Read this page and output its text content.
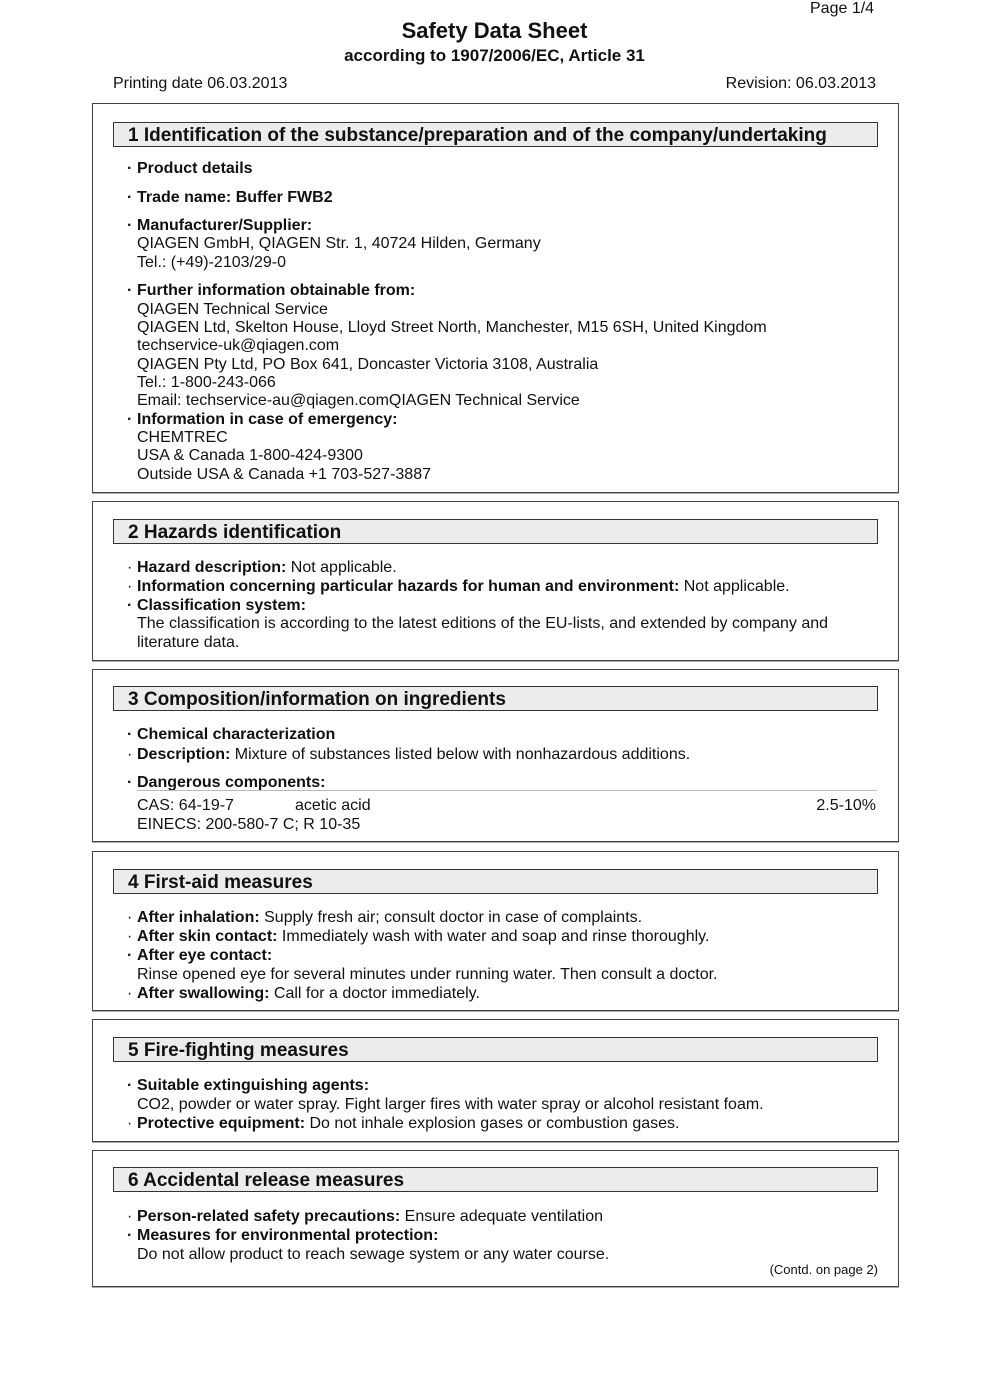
Page 1/4
Safety Data Sheet
according to 1907/2006/EC, Article 31
Printing date 06.03.2013	Revision: 06.03.2013
1 Identification of the substance/preparation and of the company/undertaking
· Product details
· Trade name: Buffer FWB2
· Manufacturer/Supplier:
QIAGEN GmbH, QIAGEN Str. 1, 40724 Hilden, Germany
Tel.: (+49)-2103/29-0
· Further information obtainable from:
QIAGEN Technical Service
QIAGEN Ltd, Skelton House, Lloyd Street North, Manchester, M15 6SH, United Kingdom
techservice-uk@qiagen.com
QIAGEN Pty Ltd, PO Box 641, Doncaster Victoria 3108, Australia
Tel.: 1-800-243-066
Email: techservice-au@qiagen.comQIAGEN Technical Service
· Information in case of emergency:
CHEMTREC
USA & Canada 1-800-424-9300
Outside USA & Canada +1 703-527-3887
2 Hazards identification
· Hazard description: Not applicable.
· Information concerning particular hazards for human and environment: Not applicable.
· Classification system:
The classification is according to the latest editions of the EU-lists, and extended by company and
literature data.
3 Composition/information on ingredients
· Chemical characterization
· Description: Mixture of substances listed below with nonhazardous additions.
· Dangerous components:
CAS: 64-19-7	acetic acid	2.5-10%
EINECS: 200-580-7 C; R 10-35
4 First-aid measures
· After inhalation: Supply fresh air; consult doctor in case of complaints.
· After skin contact: Immediately wash with water and soap and rinse thoroughly.
· After eye contact:
Rinse opened eye for several minutes under running water. Then consult a doctor.
· After swallowing: Call for a doctor immediately.
5 Fire-fighting measures
· Suitable extinguishing agents:
CO2, powder or water spray. Fight larger fires with water spray or alcohol resistant foam.
· Protective equipment: Do not inhale explosion gases or combustion gases.
6 Accidental release measures
· Person-related safety precautions: Ensure adequate ventilation
· Measures for environmental protection:
Do not allow product to reach sewage system or any water course.
(Contd. on page 2)
